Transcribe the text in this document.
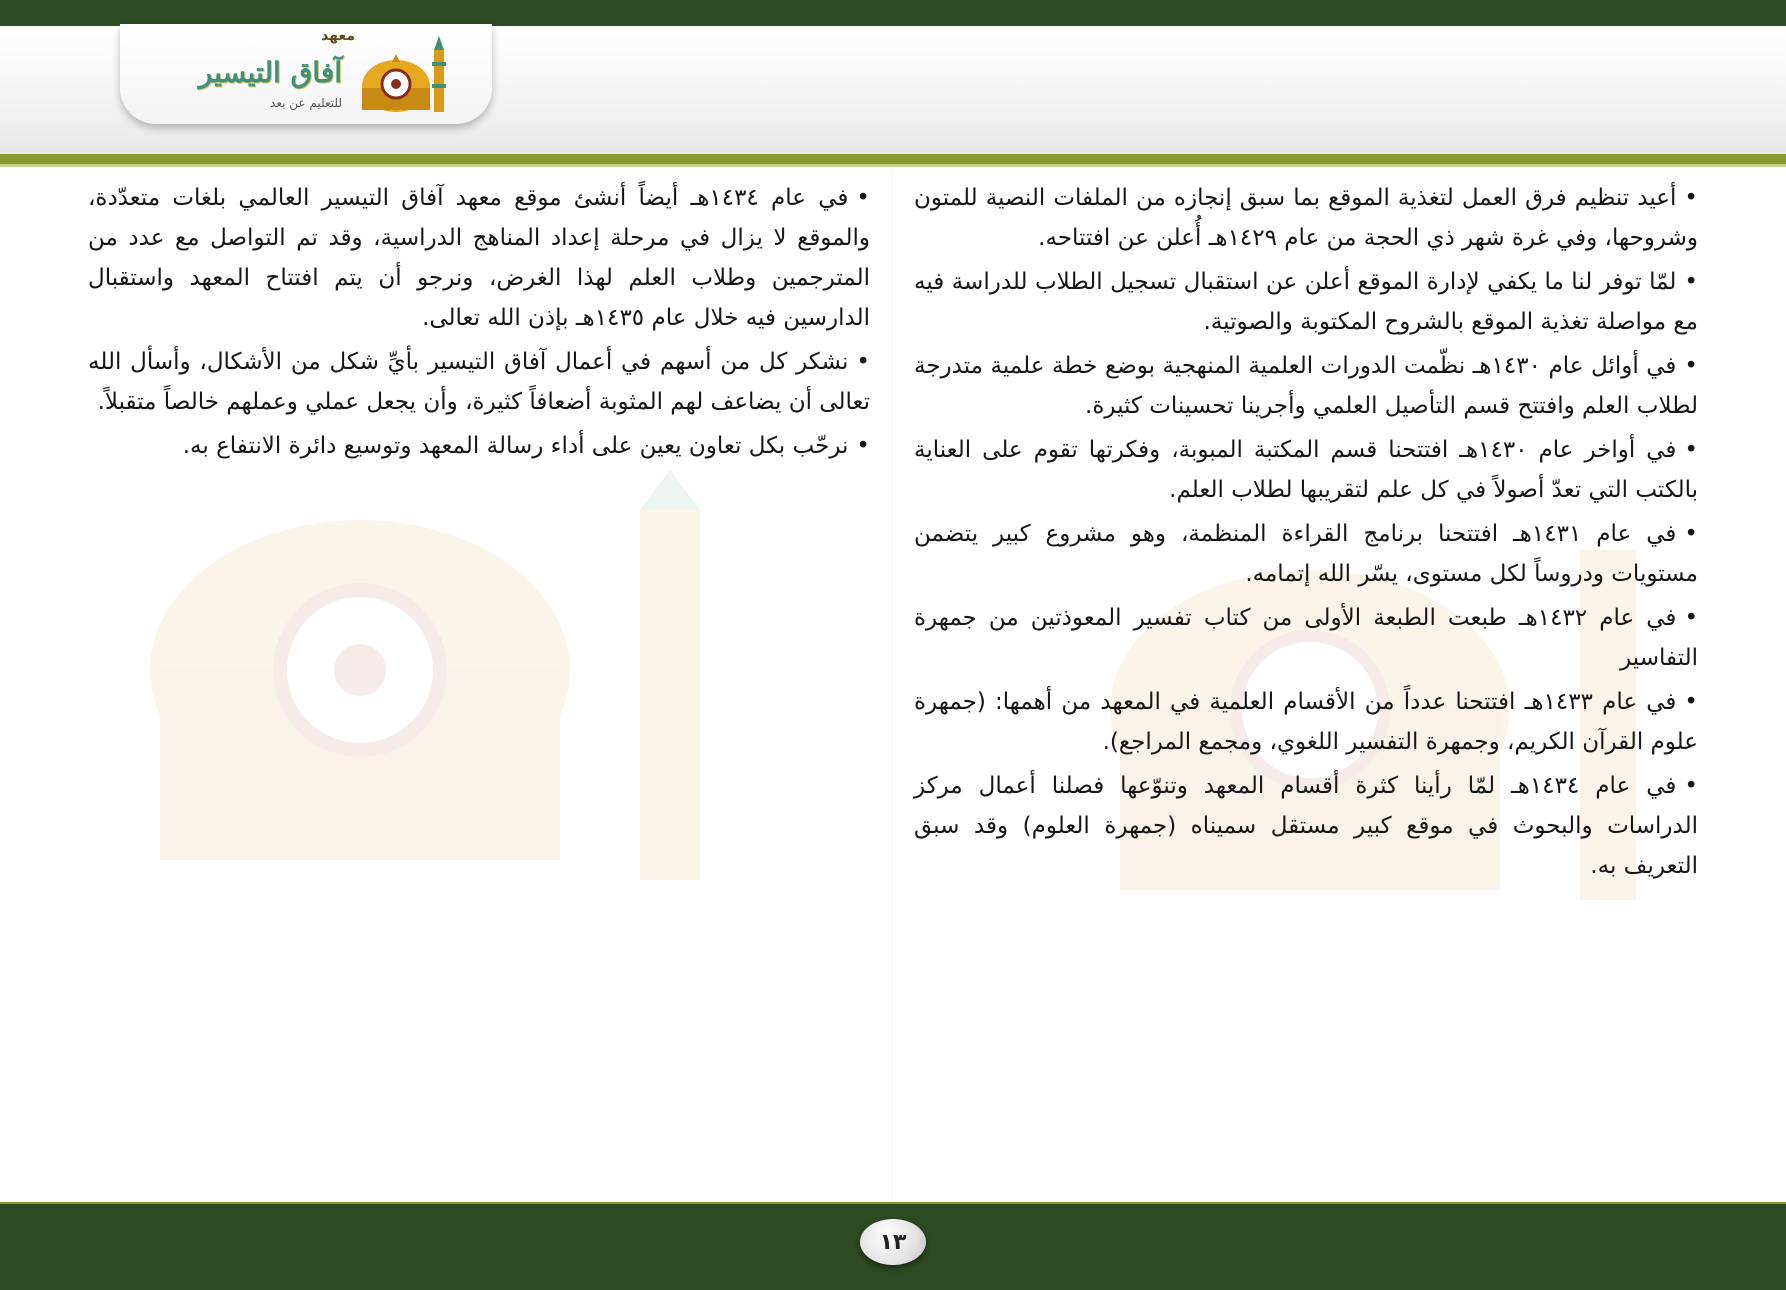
معهد
آفاق التيسير
للتعليم عن بعد

•أعيد تنظيم فرق العمل لتغذية الموقع بما سبق إنجازه من الملفات النصية للمتون وشروحها، وفي غرة شهر ذي الحجة من عام ١٤٢٩هـ أُعلن عن افتتاحه.

•لمّا توفر لنا ما يكفي لإدارة الموقع أعلن عن استقبال تسجيل الطلاب للدراسة فيه مع مواصلة تغذية الموقع بالشروح المكتوبة والصوتية.

•في أوائل عام ١٤٣٠هـ نظّمت الدورات العلمية المنهجية بوضع خطة علمية متدرجة لطلاب العلم وافتتح قسم التأصيل العلمي وأجرينا تحسينات كثيرة.

•في أواخر عام ١٤٣٠هـ افتتحنا قسم المكتبة المبوبة، وفكرتها تقوم على العناية بالكتب التي تعدّ أصولاً في كل علم لتقريبها لطلاب العلم.

•في عام ١٤٣١هـ افتتحنا برنامج القراءة المنظمة، وهو مشروع كبير يتضمن مستويات ودروساً لكل مستوى، يسّر الله إتمامه.

•في عام ١٤٣٢هـ طبعت الطبعة الأولى من كتاب تفسير المعوذتين من جمهرة التفاسير

•في عام ١٤٣٣هـ افتتحنا عدداً من الأقسام العلمية في المعهد من أهمها: (جمهرة علوم القرآن الكريم، وجمهرة التفسير اللغوي، ومجمع المراجع).

•في عام ١٤٣٤هـ لمّا رأينا كثرة أقسام المعهد وتنوّعها فصلنا أعمال مركز الدراسات والبحوث في موقع كبير مستقل سميناه (جمهرة العلوم) وقد سبق التعريف به.

•في عام ١٤٣٤هـ أيضاً أنشئ موقع معهد آفاق التيسير العالمي بلغات متعدّدة، والموقع لا يزال في مرحلة إعداد المناهج الدراسية، وقد تم التواصل مع عدد من المترجمين وطلاب العلم لهذا الغرض، ونرجو أن يتم افتتاح المعهد واستقبال الدارسين فيه خلال عام ١٤٣٥هـ بإذن الله تعالى.

•نشكر كل من أسهم في أعمال آفاق التيسير بأيِّ شكل من الأشكال، وأسأل الله تعالى أن يضاعف لهم المثوبة أضعافاً كثيرة، وأن يجعل عملي وعملهم خالصاً متقبلاً.

•نرحّب بكل تعاون يعين على أداء رسالة المعهد وتوسيع دائرة الانتفاع به.

١٣
